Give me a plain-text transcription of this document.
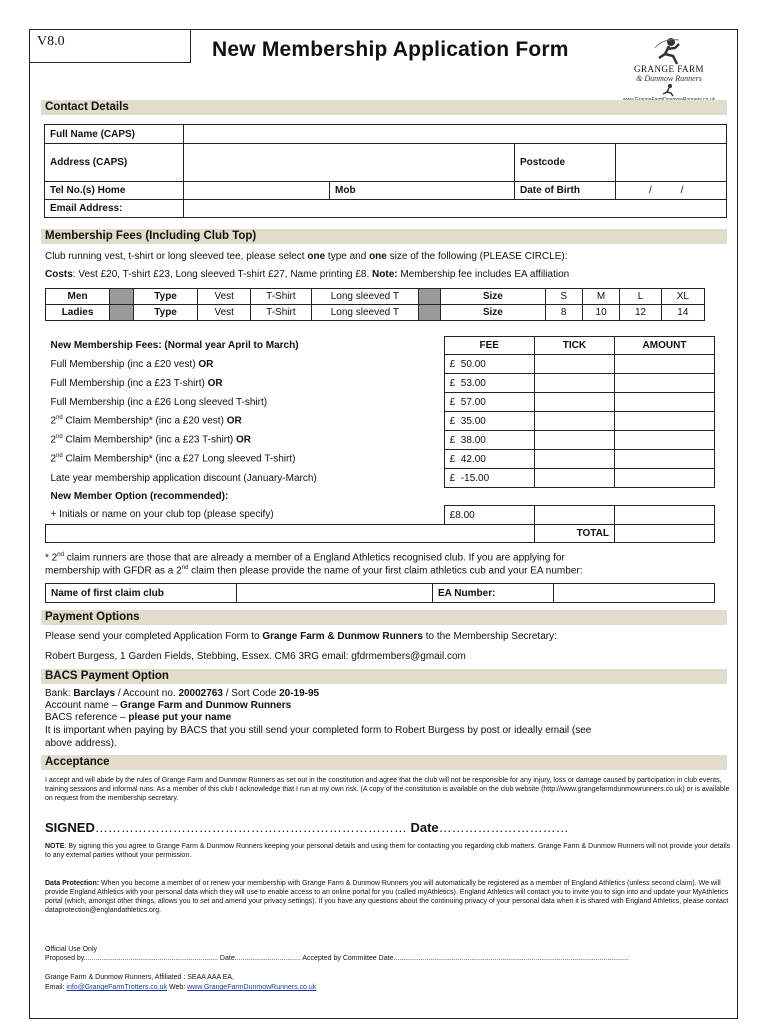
V8.0	New Membership Application Form
GRANGE FARM
& Dunmow Runners
Contact Details
Full Name (CAPS)					
Address (CAPS)				Postcode	
Tel No.(s) Home		Mob		Date of Birth	/ /
Email Address:					
Membership Fees (Including Club Top)
Club running vest, t-shirt or long sleeved tee, please select one type and one size of the following (PLEASE CIRCLE):
Costs: Vest £20, T-shirt £23, Long sleeved T-shirt £27, Name printing £8. Note: Membership fee includes EA affiliation
Men		Type	Vest	T-Shirt	Long sleeved T		Size	S	M	L	XL
Ladies		Type	Vest	T-Shirt	Long sleeved T		Size	8	10	12	14
New Membership Fees: (Normal year April to March)	FEE	TICK	AMOUNT
Full Membership (inc a £20 vest) OR	£ 50.00		
Full Membership (inc a £23 T-shirt) OR	£ 53.00		
Full Membership (inc a £26 Long sleeved T-shirt)	£ 57.00		
2nd Claim Membership* (inc a £20 vest) OR	£ 35.00		
2nd Claim Membership* (inc a £23 T-shirt) OR	£ 38.00		
2nd Claim Membership* (inc a £27 Long sleeved T-shirt)	£ 42.00		
Late year membership application discount (January-March)	£ -15.00		
New Member Option (recommended):			
+ Initials or name on your club top (please specify)	£8.00		
		TOTAL	
* 2nd claim runners are those that are already a member of a England Athletics recognised club. If you are applying for
membership with GFDR as a 2nd claim then please provide the name of your first claim athletics cub and your EA number:
Name of first claim club		EA Number:	
Payment Options
Please send your completed Application Form to Grange Farm & Dunmow Runners to the Membership Secretary:
Robert Burgess, 1 Garden Fields, Stebbing, Essex. CM6 3RG email: gfdrmembers@gmail.com
BACS Payment Option
Bank: Barclays / Account no. 20002763 / Sort Code 20-19-95
Account name – Grange Farm and Dunmow Runners
BACS reference – please put your name
It is important when paying by BACS that you still send your completed form to Robert Burgess by post or ideally email (see
above address).
Acceptance
I accept and will abide by the rules of Grange Farm and Dunmow Runners as set out in the constitution and agree that the club will not be responsible for any injury, loss or damage caused by participation in club events, training sessions and informal runs. As a member of this club I acknowledge that I run at my own risk. (A copy of the constitution is available on the club website (http://www.grangefarmdunmowrunners.co.uk) or is available on request from the membership secretary.
SIGNED……………………………………………………………… Date…………………………
NOTE: By signing this you agree to Grange Farm & Dunmow Runners keeping your personal details and using them for contacting you regarding club matters. Grange Farm & Dunmow Runners will not provide your details to any external parties without your permission.
Data Protection: When you become a member of or renew your membership with Grange Farm & Dunmow Runners you will automatically be registered as a member of England Athletics (unless second claim). We will provide England Athletics with your personal data which they will use to enable access to an online portal for you (called myAthletics). England Athletics will contact you to invite you to sign into and update your MyAthletics portal (which, amongst other things, allows you to set and amend your privacy settings). If you have any questions about the continuing privacy of your personal data when it is shared with England Athletics, please contact dataprotection@englandathletics.org.
Official Use Only
Proposed by..................................................................... Date.................................. Accepted by Committee Date.........................................................................................................................
Grange Farm & Dunmow Runners, Affiliated : SEAA AAA EA,
Email: info@GrangeFarmTrotters.co.uk Web: www.GrangeFarmDunmowRunners.co.uk
